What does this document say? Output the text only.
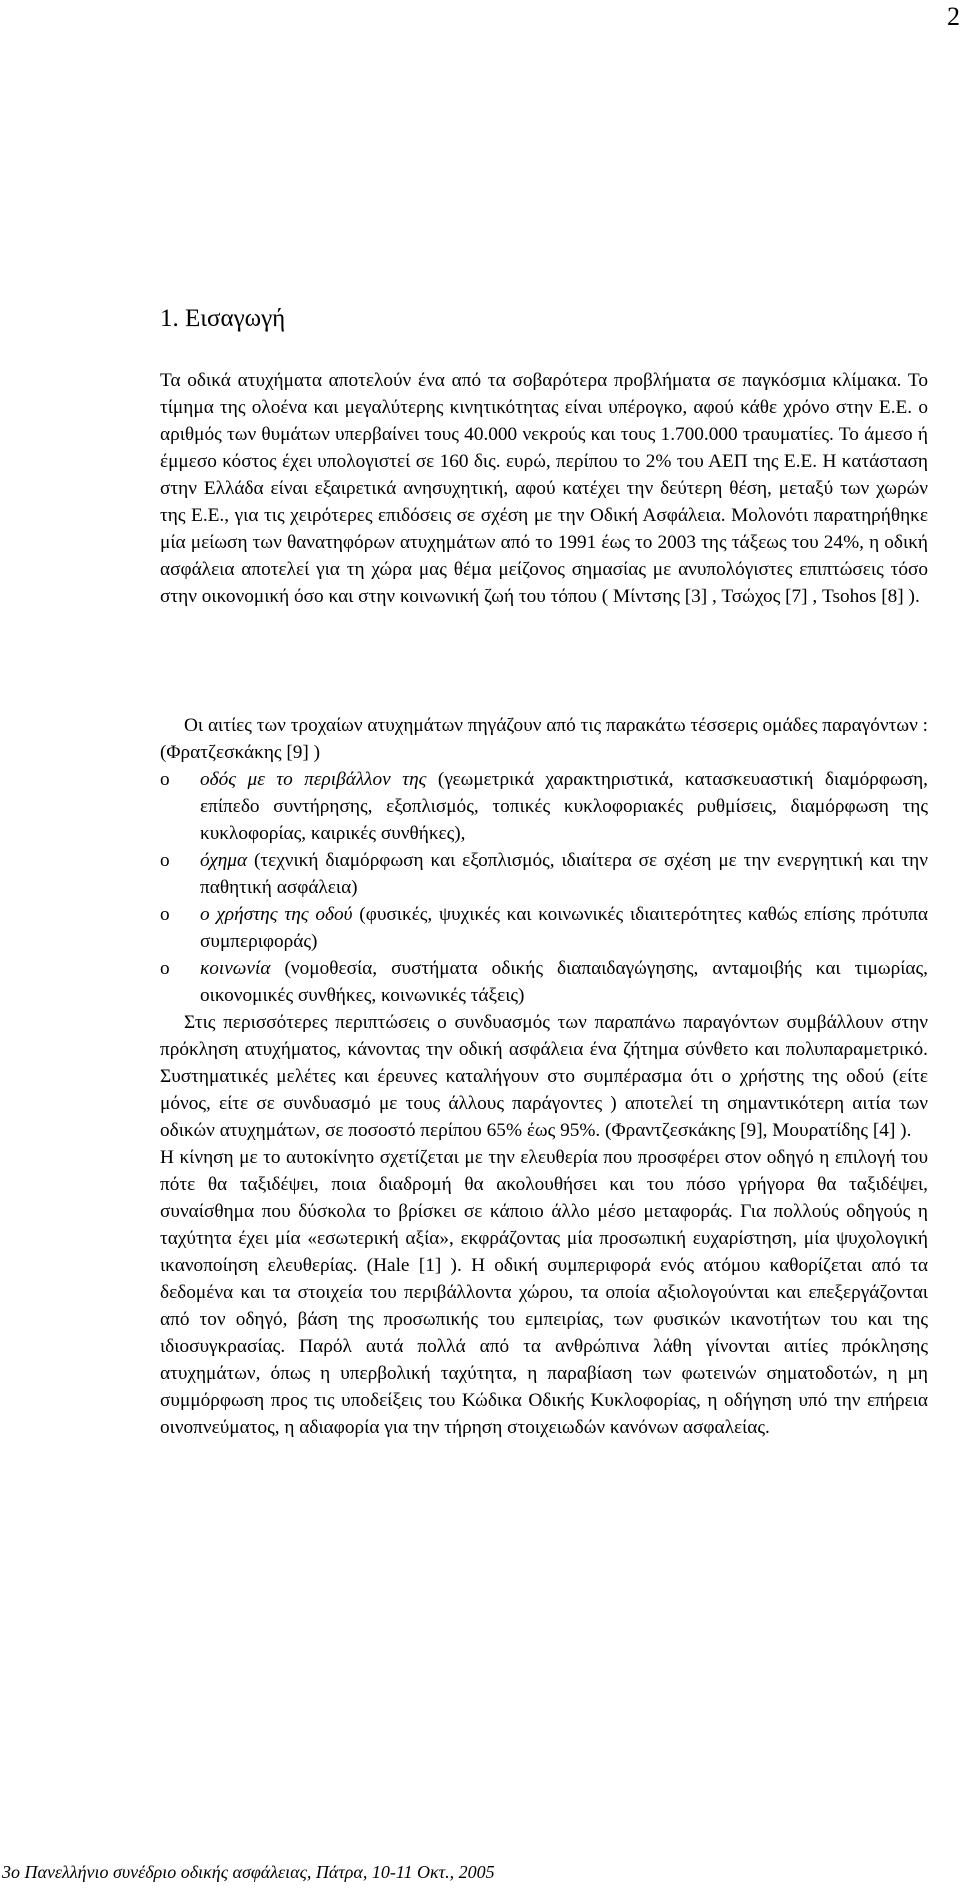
2
1. Εισαγωγή

Τα οδικά ατυχήματα αποτελούν ένα από τα σοβαρότερα προβλήματα σε παγκόσμια κλίμακα. Το τίμημα της ολοένα και μεγαλύτερης κινητικότητας είναι υπέρογκο, αφού κάθε χρόνο στην Ε.Ε. ο αριθμός των θυμάτων υπερβαίνει τους 40.000 νεκρούς και τους 1.700.000 τραυματίες. Το άμεσο ή έμμεσο κόστος έχει υπολογιστεί σε 160 δις. ευρώ, περίπου το 2% του ΑΕΠ της Ε.Ε. Η κατάσταση στην Ελλάδα είναι εξαιρετικά ανησυχητική, αφού κατέχει την δεύτερη θέση, μεταξύ των χωρών της Ε.Ε., για τις χειρότερες επιδόσεις σε σχέση με την Οδική Ασφάλεια. Μολονότι παρατηρήθηκε μία μείωση των θανατηφόρων ατυχημάτων από το 1991 έως το 2003 της τάξεως του 24%, η οδική ασφάλεια αποτελεί για τη χώρα μας θέμα μείζονος σημασίας με ανυπολόγιστες επιπτώσεις τόσο στην οικονομική όσο και στην κοινωνική ζωή του τόπου ( Μίντσης [3] , Τσώχος [7] , Tsohos [8] ).

Οι αιτίες των τροχαίων ατυχημάτων πηγάζουν από τις παρακάτω τέσσερις ομάδες παραγόντων : (Φρατζεσκάκης [9] )

o οδός με το περιβάλλον της (γεωμετρικά χαρακτηριστικά, κατασκευαστική διαμόρφωση, επίπεδο συντήρησης, εξοπλισμός, τοπικές κυκλοφοριακές ρυθμίσεις, διαμόρφωση της κυκλοφορίας, καιρικές συνθήκες),
o όχημα (τεχνική διαμόρφωση και εξοπλισμός, ιδιαίτερα σε σχέση με την ενεργητική και την παθητική ασφάλεια)
o ο χρήστης της οδού (φυσικές, ψυχικές και κοινωνικές ιδιαιτερότητες καθώς επίσης πρότυπα συμπεριφοράς)
o κοινωνία (νομοθεσία, συστήματα οδικής διαπαιδαγώγησης, ανταμοιβής και τιμωρίας, οικονομικές συνθήκες, κοινωνικές τάξεις)

Στις περισσότερες περιπτώσεις ο συνδυασμός των παραπάνω παραγόντων συμβάλλουν στην πρόκληση ατυχήματος, κάνοντας την οδική ασφάλεια ένα ζήτημα σύνθετο και πολυπαραμετρικό. Συστηματικές μελέτες και έρευνες καταλήγουν στο συμπέρασμα ότι ο χρήστης της οδού (είτε μόνος, είτε σε συνδυασμό με τους άλλους παράγοντες ) αποτελεί τη σημαντικότερη αιτία των οδικών ατυχημάτων, σε ποσοστό περίπου 65% έως 95%. (Φραντζεσκάκης [9], Μουρατίδης [4] ).

Η κίνηση με το αυτοκίνητο σχετίζεται με την ελευθερία που προσφέρει στον οδηγό η επιλογή του πότε θα ταξιδέψει, ποια διαδρομή θα ακολουθήσει και του πόσο γρήγορα θα ταξιδέψει, συναίσθημα που δύσκολα το βρίσκει σε κάποιο άλλο μέσο μεταφοράς. Για πολλούς οδηγούς η ταχύτητα έχει μία «εσωτερική αξία», εκφράζοντας μία προσωπική ευχαρίστηση, μία ψυχολογική ικανοποίηση ελευθερίας. (Hale [1] ). Η οδική συμπεριφορά ενός ατόμου καθορίζεται από τα δεδομένα και τα στοιχεία του περιβάλλοντα χώρου, τα οποία αξιολογούνται και επεξεργάζονται από τον οδηγό, βάση της προσωπικής του εμπειρίας, των φυσικών ικανοτήτων του και της ιδιοσυγκρασίας. Παρόλ αυτά πολλά από τα ανθρώπινα λάθη γίνονται αιτίες πρόκλησης ατυχημάτων, όπως η υπερβολική ταχύτητα, η παραβίαση των φωτεινών σηματοδοτών, η μη συμμόρφωση προς τις υποδείξεις του Κώδικα Οδικής Κυκλοφορίας, η οδήγηση υπό την επήρεια οινοπνεύματος, η αδιαφορία για την τήρηση στοιχειωδών κανόνων ασφαλείας.

3ο Πανελλήνιο συνέδριο οδικής ασφάλειας, Πάτρα, 10-11 Οκτ., 2005
